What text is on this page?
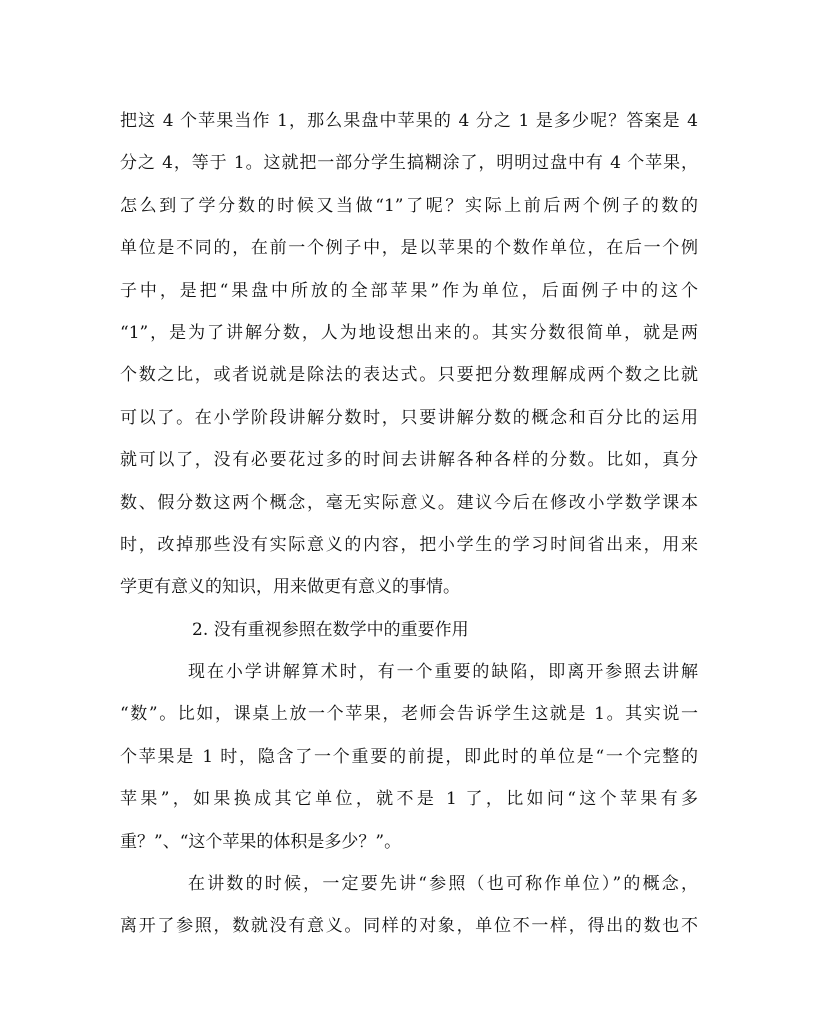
把这 4 个苹果当作 1，那么果盘中苹果的 4 分之 1 是多少呢？答案是 4
分之 4，等于 1。这就把一部分学生搞糊涂了，明明过盘中有 4 个苹果，
怎么到了学分数的时候又当做“1”了呢？实际上前后两个例子的数的
单位是不同的，在前一个例子中，是以苹果的个数作单位，在后一个例
子中，是把“果盘中所放的全部苹果”作为单位，后面例子中的这个
“1”，是为了讲解分数，人为地设想出来的。其实分数很简单，就是两
个数之比，或者说就是除法的表达式。只要把分数理解成两个数之比就
可以了。在小学阶段讲解分数时，只要讲解分数的概念和百分比的运用
就可以了，没有必要花过多的时间去讲解各种各样的分数。比如，真分
数、假分数这两个概念，毫无实际意义。建议今后在修改小学数学课本
时，改掉那些没有实际意义的内容，把小学生的学习时间省出来，用来
学更有意义的知识，用来做更有意义的事情。
2. 没有重视参照在数学中的重要作用
现在小学讲解算术时，有一个重要的缺陷，即离开参照去讲解
“数”。比如，课桌上放一个苹果，老师会告诉学生这就是 1。其实说一
个苹果是 1 时，隐含了一个重要的前提，即此时的单位是“一个完整的
苹果”，如果换成其它单位，就不是 1 了，比如问“这个苹果有多
重？”、“这个苹果的体积是多少？”。
在讲数的时候，一定要先讲“参照（也可称作单位）”的概念，
离开了参照，数就没有意义。同样的对象，单位不一样，得出的数也不
